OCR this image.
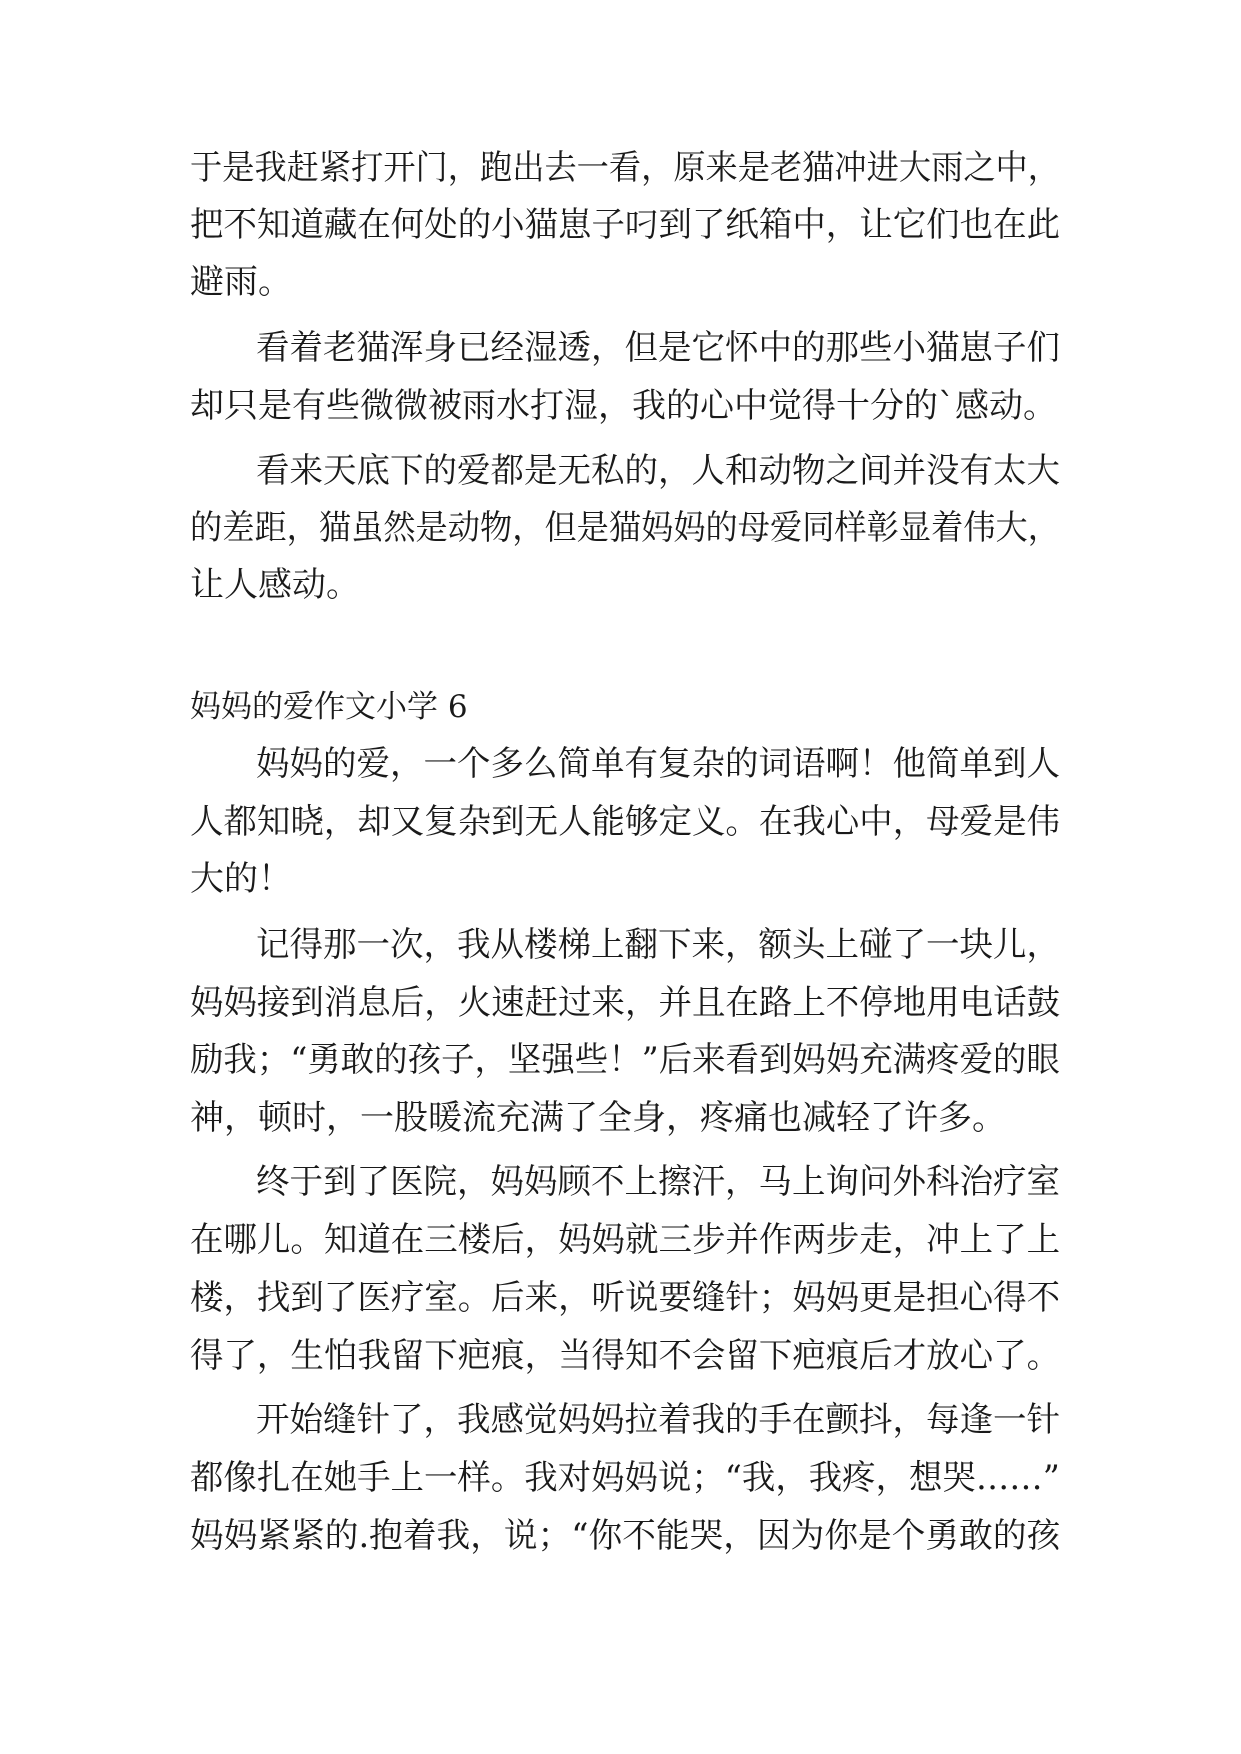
于是我赶紧打开门，跑出去一看，原来是老猫冲进大雨之中，
把不知道藏在何处的小猫崽子叼到了纸箱中，让它们也在此
避雨。
看着老猫浑身已经湿透，但是它怀中的那些小猫崽子们
却只是有些微微被雨水打湿，我的心中觉得十分的`感动。
看来天底下的爱都是无私的，人和动物之间并没有太大
的差距，猫虽然是动物，但是猫妈妈的母爱同样彰显着伟大，
让人感动。
妈妈的爱作文小学 6
妈妈的爱，一个多么简单有复杂的词语啊！他简单到人
人都知晓，却又复杂到无人能够定义。在我心中，母爱是伟
大的！
记得那一次，我从楼梯上翻下来，额头上碰了一块儿，
妈妈接到消息后，火速赶过来，并且在路上不停地用电话鼓
励我；“勇敢的孩子，坚强些！”后来看到妈妈充满疼爱的眼
神，顿时，一股暖流充满了全身，疼痛也减轻了许多。
终于到了医院，妈妈顾不上擦汗，马上询问外科治疗室
在哪儿。知道在三楼后，妈妈就三步并作两步走，冲上了上
楼，找到了医疗室。后来，听说要缝针；妈妈更是担心得不
得了，生怕我留下疤痕，当得知不会留下疤痕后才放心了。
开始缝针了，我感觉妈妈拉着我的手在颤抖，每逢一针
都像扎在她手上一样。我对妈妈说；“我，我疼，想哭……”
妈妈紧紧的.抱着我，说；“你不能哭，因为你是个勇敢的孩
